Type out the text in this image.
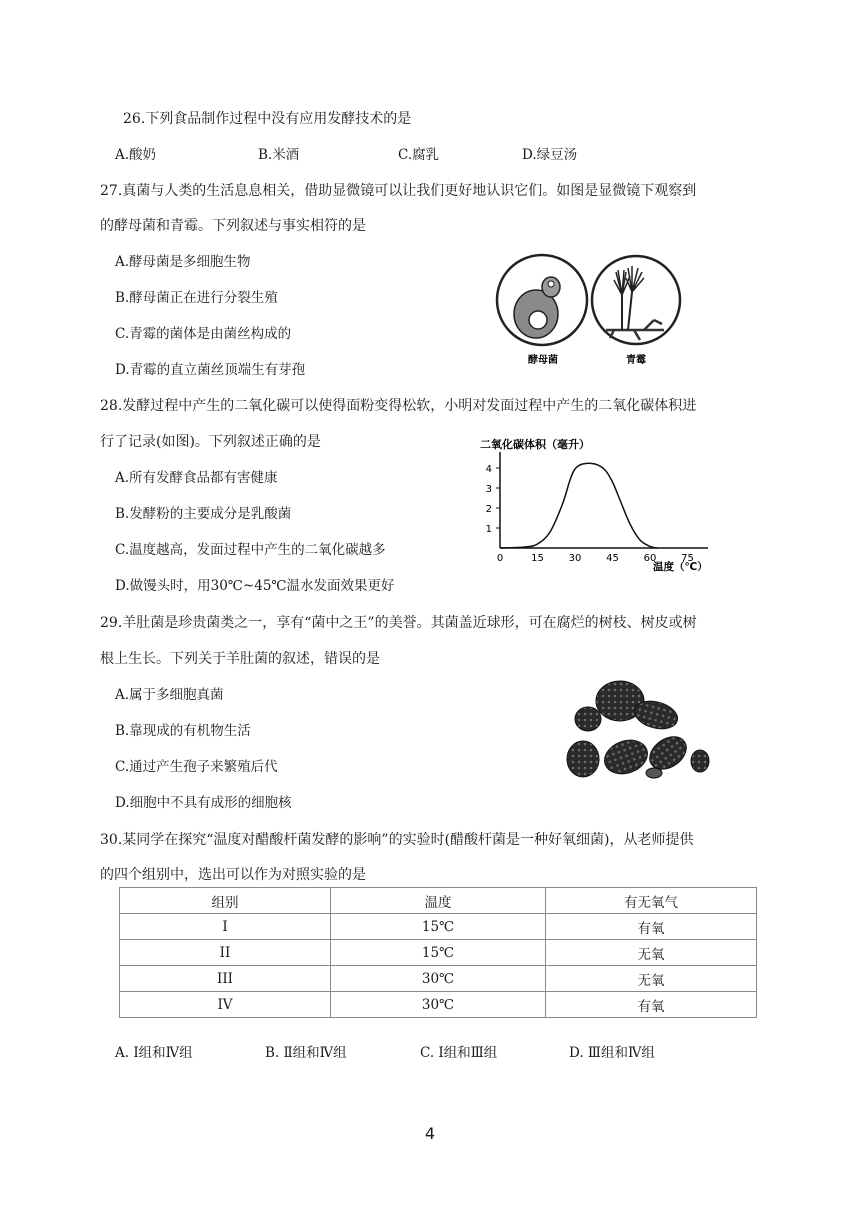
26.下列食品制作过程中没有应用发酵技术的是
A.酸奶	B.米酒	C.腐乳	D.绿豆汤
27.真菌与人类的生活息息相关，借助显微镜可以让我们更好地认识它们。如图是显微镜下观察到
的酵母菌和青霉。下列叙述与事实相符的是
A.酵母菌是多细胞生物
B.酵母菌正在进行分裂生殖
C.青霉的菌体是由菌丝构成的
D.青霉的直立菌丝顶端生有芽孢
酵母菌	青霉
28.发酵过程中产生的二氧化碳可以使得面粉变得松软，小明对发面过程中产生的二氧化碳体积进
行了记录(如图)。下列叙述正确的是
A.所有发酵食品都有害健康
B.发酵粉的主要成分是乳酸菌
C.温度越高，发面过程中产生的二氧化碳越多
D.做馒头时，用30℃~45℃温水发面效果更好
二氧化碳体积（毫升）
温度（℃）
0	15 30 45 60 75
1
2
3
4
29.羊肚菌是珍贵菌类之一，享有“菌中之王”的美誉。其菌盖近球形，可在腐烂的树枝、树皮或树
根上生长。下列关于羊肚菌的叙述，错误的是
A.属于多细胞真菌
B.靠现成的有机物生活
C.通过产生孢子来繁殖后代
D.细胞中不具有成形的细胞核
30.某同学在探究“温度对醋酸杆菌发酵的影响”的实验时(醋酸杆菌是一种好氧细菌)，从老师提供
的四个组别中，选出可以作为对照实验的是
组别	温度	有无氧气
I	15℃	有氧
II	15℃	无氧
III	30℃	无氧
IV	30℃	有氧
A. Ⅰ组和Ⅳ组	B. Ⅱ组和Ⅳ组	C. Ⅰ组和Ⅲ组	D. Ⅲ组和Ⅳ组
4
